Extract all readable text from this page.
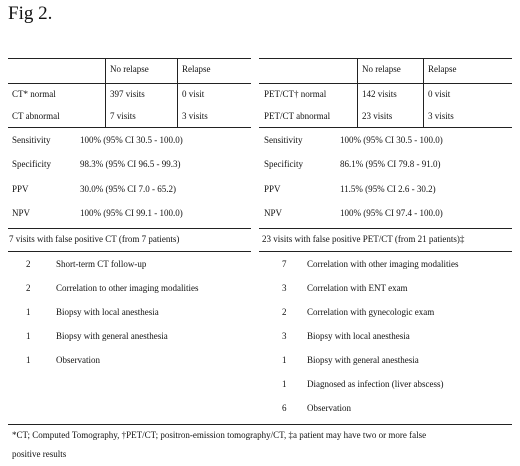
Fig 2.
No relapse	Relapse
CT* normal	397 visits	0 visit
CT abnormal	7 visits	3 visits
Sensitivity	100% (95% CI 30.5 - 100.0)
Specificity	98.3% (95% CI 96.5 - 99.3)
PPV	30.0% (95% CI 7.0 - 65.2)
NPV	100% (95% CI 99.1 - 100.0)
7 visits with false positive CT (from 7 patients)
2	Short-term CT follow-up
2	Correlation to other imaging modalities
1	Biopsy with local anesthesia
1	Biopsy with general anesthesia
1	Observation
No relapse	Relapse
PET/CT† normal	142 visits	0 visit
PET/CT abnormal	23 visits	3 visits
Sensitivity	100% (95% CI 30.5 - 100.0)
Specificity	86.1% (95% CI 79.8 - 91.0)
PPV	11.5% (95% CI 2.6 - 30.2)
NPV	100% (95% CI 97.4 - 100.0)
23 visits with false positive PET/CT (from 21 patients)‡
7 Correlation with other imaging modalities
3 Correlation with ENT exam
2 Correlation with gynecologic exam
3 Biopsy with local anesthesia
1 Biopsy with general anesthesia
1 Diagnosed as infection (liver abscess)
6 Observation
*CT; Computed Tomography, †PET/CT; positron-emission tomography/CT, ‡a patient may have two or more false
positive results
